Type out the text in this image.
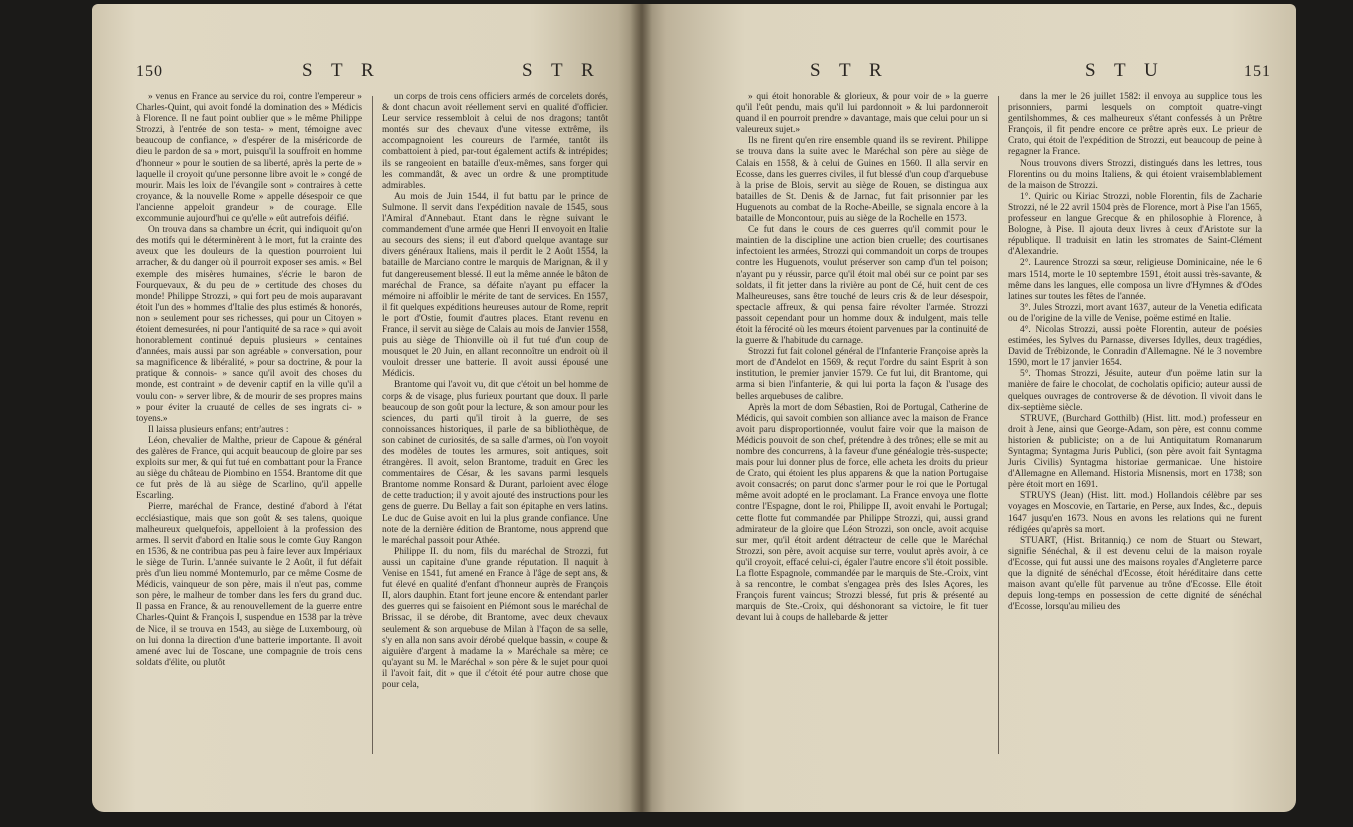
150	S T R	S T R

» venus en France au service du roi, contre l'empereur » Charles-Quint, qui avoit fondé la domination des » Médicis à Florence. Il ne faut point oublier que » le même Philippe Strozzi, à l'entrée de son testa- » ment, témoigne avec beaucoup de confiance, » d'espérer de la miséricorde de dieu le pardon de sa » mort, puisqu'il la souffroit en homme d'honneur » pour le soutien de sa liberté, après la perte de » laquelle il croyoit qu'une personne libre avoit le » congé de mourir. Mais les loix de l'évangile sont » contraires à cette croyance, & la nouvelle Rome » appelle désespoir ce que l'ancienne appeloit grandeur » de courage. Elle excommunie aujourd'hui ce qu'elle » eût autrefois déifié.

On trouva dans sa chambre un écrit, qui indiquoit qu'on des motifs qui le déterminèrent à le mort, fut la crainte des aveux que les douleurs de la question pourroient lui arracher, & du danger où il pourroit exposer ses amis. « Bel exemple des misères humaines, s'écrie le baron de Fourquevaux, & du peu de » certitude des choses du monde! Philippe Strozzi, » qui fort peu de mois auparavant étoit l'un des » hommes d'Italie des plus estimés & honorés, non » seulement pour ses richesses, qui pour un Citoyen » étoient demesurées, ni pour l'antiquité de sa race » qui avoit honorablement continué depuis plusieurs » centaines d'années, mais aussi par son agréable » conversation, pour sa magnificence & libéralité, » pour sa doctrine, & pour la pratique & connois- » sance qu'il avoit des choses du monde, est contraint » de devenir captif en la ville qu'il a voulu con- » server libre, & de mourir de ses propres mains » pour éviter la cruauté de celles de ses ingrats ci- » toyens.»

Il laissa plusieurs enfans; entr'autres :

Léon, chevalier de Malthe, prieur de Capoue & général des galères de France, qui acquit beaucoup de gloire par ses exploits sur mer, & qui fut tué en combattant pour la France au siège du château de Piombino en 1554. Brantome dit que ce fut près de là au siège de Scarlino, qu'il appelle Escarling.

Pierre, maréchal de France, destiné d'abord à l'état ecclésiastique, mais que son goût & ses talens, quoique malheureux quelquefois, appelloient à la profession des armes. Il servit d'abord en Italie sous le comte Guy Rangon en 1536, & ne contribua pas peu à faire lever aux Impériaux le siège de Turin. L'année suivante le 2 Août, il fut défait près d'un lieu nommé Montemurlo, par ce même Cosme de Médicis, vainqueur de son père, mais il n'eut pas, comme son père, le malheur de tomber dans les fers du grand duc. Il passa en France, & au renouvellement de la guerre entre Charles-Quint & François I, suspendue en 1538 par la trève de Nice, il se trouva en 1543, au siège de Luxembourg, où on lui donna la direction d'une batterie importante. Il avoit amené avec lui de Toscane, une compagnie de trois cens soldats d'élite, ou plutôt

un corps de trois cens officiers armés de corcelets dorés, & dont chacun avoit réellement servi en qualité d'officier. Leur service ressembloit à celui de nos dragons; tantôt montés sur des chevaux d'une vitesse extrême, ils accompagnoient les coureurs de l'armée, tantôt ils combattoient à pied, par-tout également actifs & intrépides; ils se rangeoient en bataille d'eux-mêmes, sans forger qui les commandât, & avec un ordre & une promptitude admirables.

Au mois de Juin 1544, il fut battu par le prince de Sulmone. Il servit dans l'expédition navale de 1545, sous l'Amiral d'Annebaut. Etant dans le règne suivant le commandement d'une armée que Henri II envoyoit en Italie au secours des siens; il eut d'abord quelque avantage sur divers généraux Italiens, mais il perdit le 2 Août 1554, la bataille de Marciano contre le marquis de Marignan, & il y fut dangereusement blessé. Il eut la même année le bâton de maréchal de France, sa défaite n'ayant pu effacer la mémoire ni affoiblir le mérite de tant de services. En 1557, il fit quelques expéditions heureuses autour de Rome, reprit le port d'Ostie, foumit d'autres places. Etant revenu en France, il servit au siège de Calais au mois de Janvier 1558, puis au siège de Thionville où il fut tué d'un coup de mousquet le 20 Juin, en allant reconnoître un endroit où il vouloit dresser une batterie. Il avoit aussi épousé une Médicis.

Brantome qui l'avoit vu, dit que c'étoit un bel homme de corps & de visage, plus furieux pourtant que doux. Il parle beaucoup de son goût pour la lecture, & son amour pour les sciences, du parti qu'il tiroit à la guerre, de ses connoissances historiques, il parle de sa bibliothèque, de son cabinet de curiosités, de sa salle d'armes, où l'on voyoit des modèles de toutes les armures, soit antiques, soit étrangères. Il avoit, selon Brantome, traduit en Grec les commentaires de César, & les savans parmi lesquels Brantome nomme Ronsard & Durant, parloient avec éloge de cette traduction; il y avoit ajouté des instructions pour les gens de guerre. Du Bellay a fait son épitaphe en vers latins. Le duc de Guise avoit en lui la plus grande confiance. Une note de la dernière édition de Brantome, nous apprend que le maréchal passoit pour Athée.

Philippe II. du nom, fils du maréchal de Strozzi, fut aussi un capitaine d'une grande réputation. Il naquit à Venise en 1541, fut amené en France à l'âge de sept ans, & fut élevé en qualité d'enfant d'honneur auprès de François II, alors dauphin. Etant fort jeune encore & entendant parler des guerres qui se faisoient en Piémont sous le maréchal de Brissac, il se dérobe, dit Brantome, avec deux chevaux seulement & son arquebuse de Milan à l'façon de sa selle, s'y en alla non sans avoir dérobé quelque bassin, « coupe & aiguière d'argent à madame la » Maréchale sa mère; ce qu'ayant su M. le Maréchal » son père & le sujet pour quoi il l'avoit fait, dit » que il c'étoit été pour autre chose que pour cela,

S T R	S T U	151

» qui étoit honorable & glorieux, & pour voir de » la guerre qu'il l'eût pendu, mais qu'il lui pardonnoit » & lui pardonneroit quand il en pourroit prendre » davantage, mais que celui pour un si valeureux sujet.»

Ils ne firent qu'en rire ensemble quand ils se revirent. Philippe se trouva dans la suite avec le Maréchal son père au siège de Calais en 1558, & à celui de Guines en 1560. Il alla servir en Ecosse, dans les guerres civiles, il fut blessé d'un coup d'arquebuse à la prise de Blois, servit au siège de Rouen, se distingua aux batailles de St. Denis & de Jarnac, fut fait prisonnier par les Huguenots au combat de la Roche-Abeille, se signala encore à la bataille de Moncontour, puis au siège de la Rochelle en 1573.

Ce fut dans le cours de ces guerres qu'il commit pour le maintien de la discipline une action bien cruelle; des courtisanes infectoient les armées, Strozzi qui commandoit un corps de troupes contre les Huguenots, voulut préserver son camp d'un tel poison; n'ayant pu y réussir, parce qu'il étoit mal obéi sur ce point par ses soldats, il fit jetter dans la rivière au pont de Cé, huit cent de ces Malheureuses, sans être touché de leurs cris & de leur désespoir, spectacle affreux, & qui pensa faire révolter l'armée. Strozzi passoit cependant pour un homme doux & indulgent, mais telle étoit la férocité où les mœurs étoient parvenues par la continuité de la guerre & l'habitude du carnage.

Strozzi fut fait colonel général de l'Infanterie Françoise après la mort de d'Andelot en 1569, & reçut l'ordre du saint Esprit à son institution, le premier janvier 1579. Ce fut lui, dit Brantome, qui arma si bien l'infanterie, & qui lui porta la façon & l'usage des belles arquebuses de calibre.

Après la mort de dom Sébastien, Roi de Portugal, Catherine de Médicis, qui savoit combien son alliance avec la maison de France avoit paru disproportionnée, voulut faire voir que la maison de Médicis pouvoit de son chef, prétendre à des trônes; elle se mit au nombre des concurrens, à la faveur d'une généalogie très-suspecte; mais pour lui donner plus de force, elle acheta les droits du prieur de Crato, qui étoient les plus apparens & que la nation Portugaise avoit consacrés; on parut donc s'armer pour le roi que le Portugal même avoit adopté en le proclamant. La France envoya une flotte contre l'Espagne, dont le roi, Philippe II, avoit envahi le Portugal; cette flotte fut commandée par Philippe Strozzi, qui, aussi grand admirateur de la gloire que Léon Strozzi, son oncle, avoit acquise sur mer, qu'il étoit ardent détracteur de celle que le Maréchal Strozzi, son père, avoit acquise sur terre, voulut après avoir, à ce qu'il croyoit, effacé celui-ci, égaler l'autre encore s'il étoit possible. La flotte Espagnole, commandée par le marquis de Ste.-Croix, vint à sa rencontre, le combat s'engagea près des Isles Açores, les François furent vaincus; Strozzi blessé, fut pris & présenté au marquis de Ste.-Croix, qui déshonorant sa victoire, le fit tuer devant lui à coups de hallebarde & jetter

dans la mer le 26 juillet 1582: il envoya au supplice tous les prisonniers, parmi lesquels on comptoit quatre-vingt gentilshommes, & ces malheureux s'étant confessés à un Prêtre François, il fit pendre encore ce prêtre après eux. Le prieur de Crato, qui étoit de l'expédition de Strozzi, eut beaucoup de peine à regagner la France.

Nous trouvons divers Strozzi, distingués dans les lettres, tous Florentins ou du moins Italiens, & qui étoient vraisemblablement de la maison de Strozzi.

1°. Quiric ou Kiriac Strozzi, noble Florentin, fils de Zacharie Strozzi, né le 22 avril 1504 près de Florence, mort à Pise l'an 1565, professeur en langue Grecque & en philosophie à Florence, à Bologne, à Pise. Il ajouta deux livres à ceux d'Aristote sur la république. Il traduisit en latin les stromates de Saint-Clément d'Alexandrie.

2°. Laurence Strozzi sa sœur, religieuse Dominicaine, née le 6 mars 1514, morte le 10 septembre 1591, étoit aussi très-savante, & même dans les langues, elle composa un livre d'Hymnes & d'Odes latines sur toutes les fêtes de l'année.

3°. Jules Strozzi, mort avant 1637, auteur de la Venetia edificata ou de l'origine de la ville de Venise, poëme estimé en Italie.

4°. Nicolas Strozzi, aussi poète Florentin, auteur de poésies estimées, les Sylves du Parnasse, diverses Idylles, deux tragédies, David de Trébizonde, le Conradin d'Allemagne. Né le 3 novembre 1590, mort le 17 janvier 1654.

5°. Thomas Strozzi, Jésuite, auteur d'un poëme latin sur la manière de faire le chocolat, de cocholatis opificio; auteur aussi de quelques ouvrages de controverse & de dévotion. Il vivoit dans le dix-septième siècle.

STRUVE, (Burchard Gotthilb) (Hist. litt. mod.) professeur en droit à Jene, ainsi que George-Adam, son père, est connu comme historien & publiciste; on a de lui Antiquitatum Romanarum Syntagma; Syntagma Juris Publici, (son père avoit fait Syntagma Juris Civilis) Syntagma historiae germanicae. Une histoire d'Allemagne en Allemand. Historia Misnensis, mort en 1738; son père étoit mort en 1691.

STRUYS (Jean) (Hist. litt. mod.) Hollandois célèbre par ses voyages en Moscovie, en Tartarie, en Perse, aux Indes, &c., depuis 1647 jusqu'en 1673. Nous en avons les relations qui ne furent rédigées qu'après sa mort.

STUART, (Hist. Britanniq.) ce nom de Stuart ou Stewart, signifie Sénéchal, & il est devenu celui de la maison royale d'Ecosse, qui fut aussi une des maisons royales d'Angleterre parce que la dignité de sénéchal d'Ecosse, étoit héréditaire dans cette maison avant qu'elle fût parvenue au trône d'Ecosse. Elle étoit depuis long-temps en possession de cette dignité de sénéchal d'Ecosse, lorsqu'au milieu des
